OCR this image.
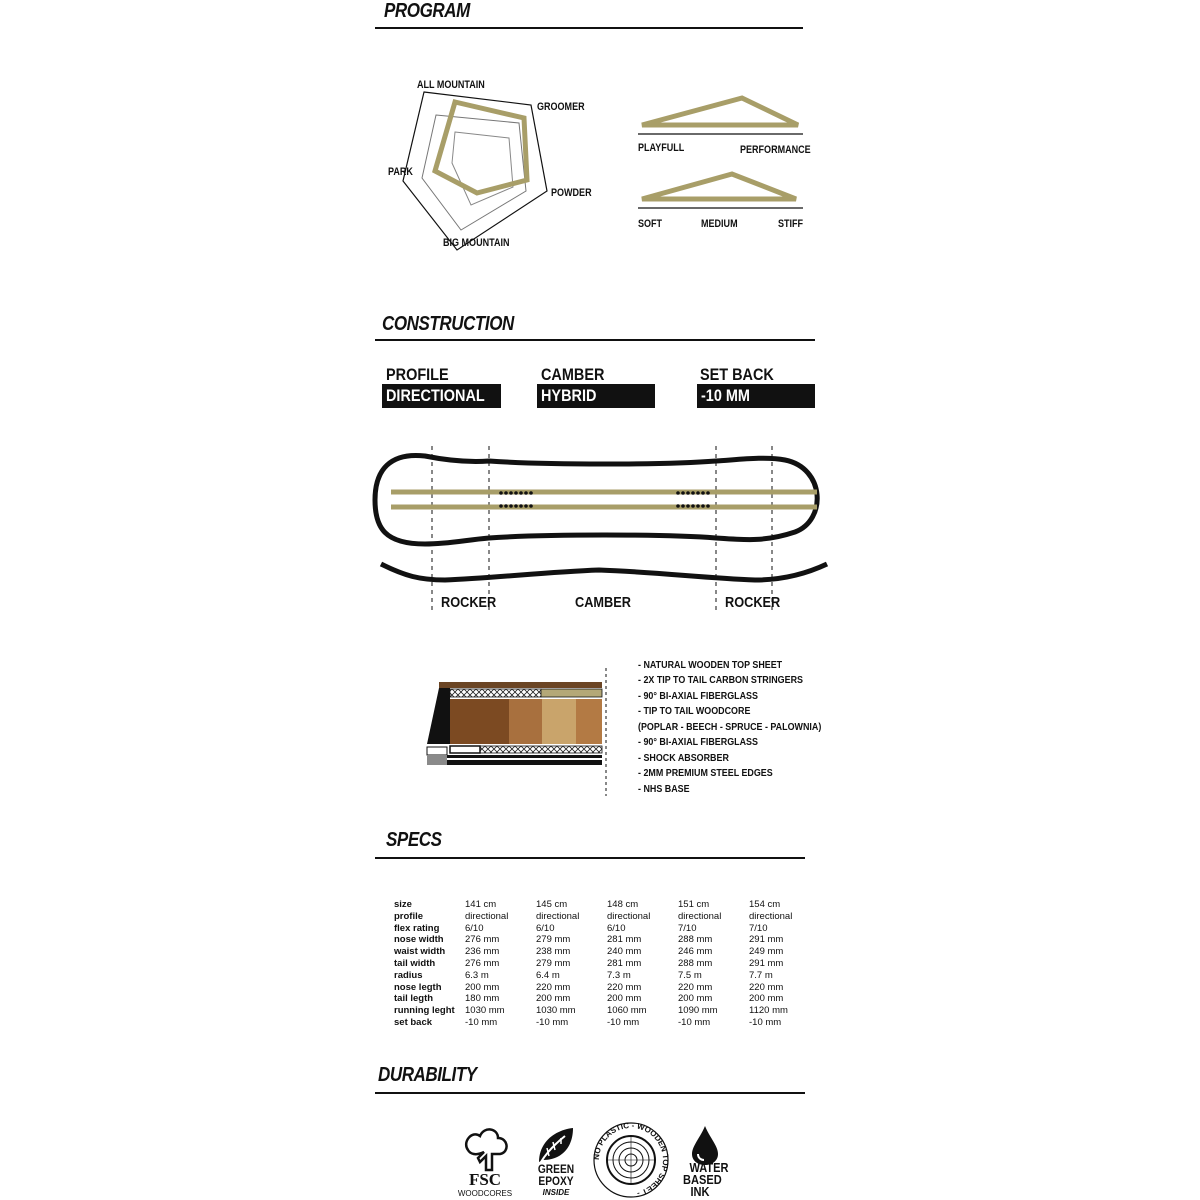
PROGRAM
ALL MOUNTAIN
GROOMER
POWDER
BIG MOUNTAIN
PARK
PLAYFULL	PERFORMANCE
SOFT	MEDIUM	STIFF
CONSTRUCTION
PROFILE
DIRECTIONAL
CAMBER
HYBRID
SET BACK
-10 MM
ROCKER	CAMBER	ROCKER
- NATURAL WOODEN TOP SHEET
- 2X TIP TO TAIL CARBON STRINGERS
- 90° BI-AXIAL FIBERGLASS
- TIP TO TAIL WOODCORE
(POPLAR - BEECH - SPRUCE - PALOWNIA)
- 90° BI-AXIAL FIBERGLASS
- SHOCK ABSORBER
- 2MM PREMIUM STEEL EDGES
- NHS BASE
SPECS
size	141 cm	145 cm	148 cm	151 cm	154 cm
profile	directional	directional	directional	directional	directional
flex rating	6/10	6/10	6/10	7/10	7/10
nose width	276 mm	279 mm	281 mm	288 mm	291 mm
waist width	236 mm	238 mm	240 mm	246 mm	249 mm
tail width	276 mm	279 mm	281 mm	288 mm	291 mm
radius	6.3 m	6.4 m	7.3 m	7.5 m	7.7 m
nose legth	200 mm	220 mm	220 mm	220 mm	220 mm
tail legth	180 mm	200 mm	200 mm	200 mm	200 mm
running leght	1030 mm	1030 mm	1060 mm	1090 mm	1120 mm
set back	-10 mm	-10 mm	-10 mm	-10 mm	-10 mm
DURABILITY
FSC
WOODCORES
GREEN
EPOXY
INSIDE
NO PLASTIC - WOODEN TOP SHEET -
WATER
BASED
INK
